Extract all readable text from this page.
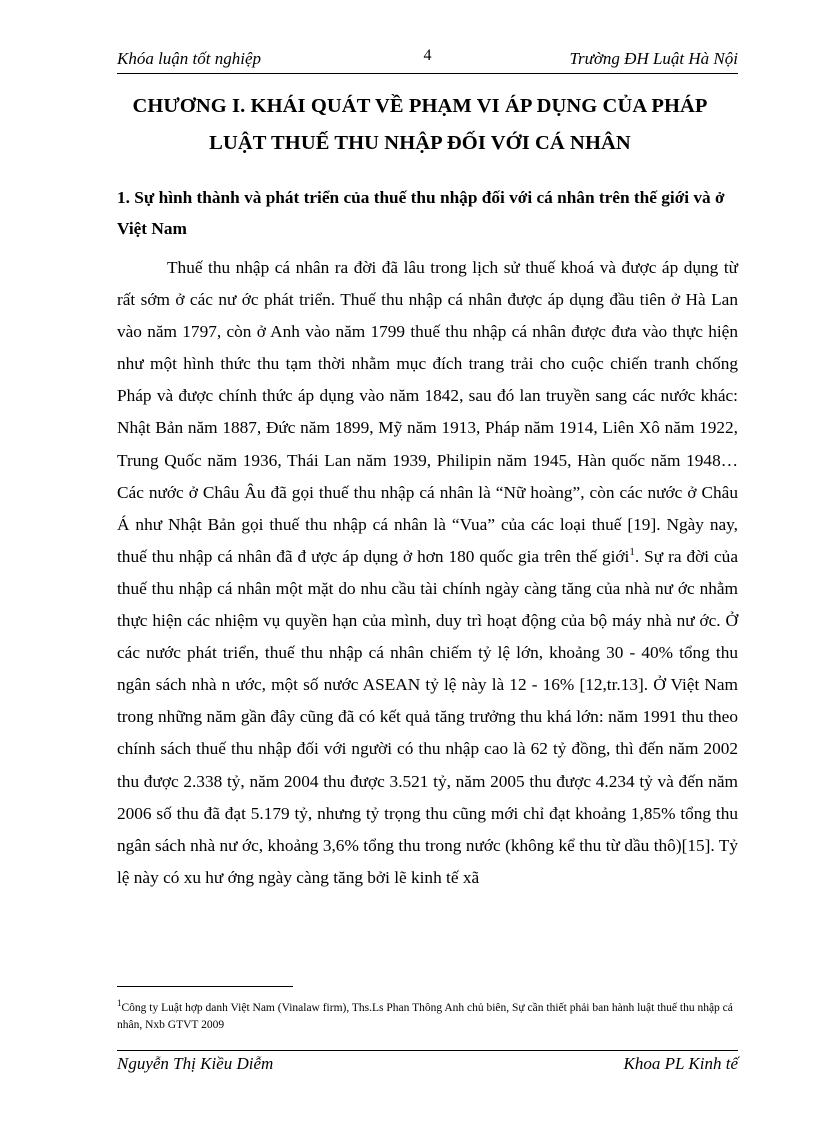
Khóa luận tốt nghiệp	4	Trường ĐH Luật Hà Nội
CHƯƠNG I. KHÁI QUÁT VỀ PHẠM VI ÁP DỤNG CỦA PHÁP
LUẬT THUẾ THU NHẬP ĐỐI VỚI CÁ NHÂN
1. Sự hình thành và phát triển của thuế thu nhập đối với cá nhân trên thế giới và ở Việt Nam

Thuế thu nhập cá nhân ra đời đã lâu trong lịch sử thuế khoá và được áp dụng từ rất sớm ở các nư ớc phát triển. Thuế thu nhập cá nhân được áp dụng đầu tiên ở Hà Lan vào năm 1797, còn ở Anh vào năm 1799 thuế thu nhập cá nhân được đưa vào thực hiện như một hình thức thu tạm thời nhằm mục đích trang trải cho cuộc chiến tranh chống Pháp và được chính thức áp dụng vào năm 1842, sau đó lan truyền sang các nước khác: Nhật Bản năm 1887, Đức năm 1899, Mỹ năm 1913, Pháp năm 1914, Liên Xô năm 1922, Trung Quốc năm 1936, Thái Lan năm 1939, Philipin năm 1945, Hàn quốc năm 1948…Các nước ở Châu Âu đã gọi thuế thu nhập cá nhân là “Nữ hoàng”, còn các nước ở Châu Á như Nhật Bản gọi thuế thu nhập cá nhân là “Vua” của các loại thuế [19]. Ngày nay, thuế thu nhập cá nhân đã đ ược áp dụng ở hơn 180 quốc gia trên thế giới$^1$. Sự ra đời của thuế thu nhập cá nhân một mặt do nhu cầu tài chính ngày càng tăng của nhà nư ớc nhằm thực hiện các nhiệm vụ quyền hạn của mình, duy trì hoạt động của bộ máy nhà nư ớc. Ở các nước phát triển, thuế thu nhập cá nhân chiếm tỷ lệ lớn, khoảng 30 - 40% tổng thu ngân sách nhà n ước, một số nước ASEAN tỷ lệ này là 12 - 16% [12,tr.13]. Ở Việt Nam trong những năm gần đây cũng đã có kết quả tăng trưởng thu khá lớn: năm 1991 thu theo chính sách thuế thu nhập đối với người có thu nhập cao là 62 tỷ đồng, thì đến năm 2002 thu được 2.338 tỷ, năm 2004 thu được 3.521 tỷ, năm 2005 thu được 4.234 tỷ và đến năm 2006 số thu đã đạt 5.179 tỷ, nhưng tỷ trọng thu cũng mới chỉ đạt khoảng 1,85% tổng thu ngân sách nhà nư ớc, khoảng 3,6% tổng thu trong nước (không kể thu từ dầu thô)[15]. Tỷ lệ này có xu hư ớng ngày càng tăng bởi lẽ kinh tế xã

$^1$Công ty Luật hợp danh Việt Nam (Vinalaw firm), Ths.Ls Phan Thông Anh chủ biên, Sự cần thiết phải ban hành luật thuế thu nhập cá nhân, Nxb GTVT 2009

Nguyễn Thị Kiều Diễm	Khoa PL Kinh tế
